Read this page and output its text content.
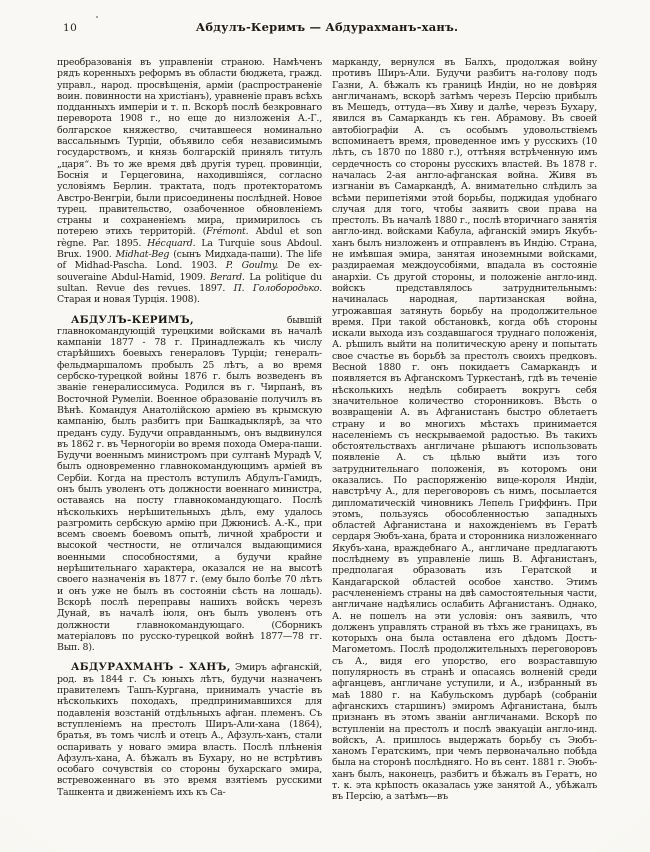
10	Абдулъ-Керимъ — Абдурахманъ-ханъ.

преобразованія въ управленіи страною. Намѣченъ рядъ коренныхъ реформъ въ области бюджета, гражд. управл., народ. просвѣщенія, арміи (распространеніе воин. повинности на христіанъ), уравненіе правъ всѣхъ подданныхъ имперіи и т. п. Вскорѣ послѣ безкровнаго переворота 1908 г., но еще до низложенія А.-Г., болгарское княжество, считавшееся номинально вассальнымъ Турціи, объявило себя независимымъ государствомъ, и князь болгарскій принялъ титулъ „царя“. Въ то же время двѣ другія турец. провинціи, Боснія и Герцеговина, находившіяся, согласно условіямъ Берлин. трактата, подъ протекторатомъ Австро-Венгріи, были присоединены послѣдней. Новое турец. правительство, озабоченное обновленіемъ страны и сохраненіемъ мира, примирилось съ потерею этихъ территорій. (Frémont. Abdul et son règne. Par. 1895. Hécquard. La Turquie sous Abdoul. Brux. 1900. Midhat-Beg (сынъ Мидхада-паши). The life of Midhad-Pascha. Lond. 1903. P. Goulmy. De ex-souveraine Abdul-Hamid, 1909. Berard. La politique du sultan. Revue des revues. 1897. П. Голобородько. Старая и новая Турція. 1908).

АБДУЛЪ-КЕРИМЪ, бывшій главнокомандующій турецкими войсками въ началѣ кампаніи 1877 - 78 г. Принадлежалъ къ числу старѣйшихъ боевыхъ генераловъ Турціи; генералъ-фельдмаршаломъ пробылъ 25 лѣтъ, а во время сербско-турецкой войны 1876 г. былъ возведенъ въ званіе генералиссимуса. Родился въ г. Чирпанѣ, въ Восточной Румеліи. Военное образованіе получилъ въ Вѣнѣ. Командуя Анатолійскою арміею въ крымскую кампанію, былъ разбитъ при Башкадыклярѣ, за что преданъ суду. Будучи оправданнымъ, онъ выдвинулся въ 1862 г. въ Черногоріи во время похода Омера-паши. Будучи военнымъ министромъ при султанѣ Мурадѣ V, былъ одновременно главнокомандующимъ арміей въ Сербіи. Когда на престолъ вступилъ Абдулъ-Гамидъ, онъ былъ уволенъ отъ должности военнаго министра, оставаясь на посту главнокомандующаго. Послѣ нѣсколькихъ нерѣшительныхъ дѣлъ, ему удалось разгромить сербскую армію при Джюнисѣ. А.-К., при всемъ своемъ боевомъ опытѣ, личной храбрости и высокой честности, не отличался выдающимися военными способностями, а будучи крайне нерѣшительнаго характера, оказался не на высотѣ своего назначенія въ 1877 г. (ему было болѣе 70 лѣтъ и онъ уже не былъ въ состояніи сѣсть на лошадь). Вскорѣ послѣ переправы нашихъ войскъ черезъ Дунай, въ началѣ іюля, онъ былъ уволенъ отъ должности главнокомандующаго. (Сборникъ матеріаловъ по русско-турецкой войнѣ 1877—78 гг. Вып. 8).

АБДУРАХМАНЪ - ХАНЪ, Эмиръ афганскій, род. въ 1844 г. Съ юныхъ лѣтъ, будучи назначенъ правителемъ Ташъ-Кургана, принималъ участіе въ нѣсколькихъ походахъ, предпринимавшихся для подавленія возстаній отдѣльныхъ афган. племенъ. Съ вступленіемъ на престолъ Ширъ-Али-хана (1864), братья, въ томъ числѣ и отецъ А., Афзулъ-ханъ, стали оспаривать у новаго эмира власть. Послѣ плѣненія Афзулъ-хана, А. бѣжалъ въ Бухару, но не встрѣтивъ особаго сочувствія со стороны бухарскаго эмира, встревоженнаго въ это время взятіемъ русскими Ташкента и движеніемъ ихъ къ Са-

марканду, вернулся въ Балхъ, продолжая войну противъ Ширъ-Али. Будучи разбитъ на-голову подъ Газни, А. бѣжалъ къ границѣ Индіи, но не довѣряя англичанамъ, вскорѣ затѣмъ черезъ Персію прибылъ въ Мешедъ, оттуда—въ Хиву и далѣе, черезъ Бухару, явился въ Самаркандъ къ ген. Абрамову. Въ своей автобіографіи А. съ особымъ удовольствіемъ вспоминаетъ время, проведенное имъ у русскихъ (10 лѣтъ, съ 1870 по 1880 г.), оттѣняя встрѣченную имъ сердечность со стороны русскихъ властей. Въ 1878 г. началась 2-ая англо-афганская война. Живя въ изгнаніи въ Самаркандѣ, А. внимательно слѣдилъ за всѣми перипетіями этой борьбы, поджидая удобнаго случая для того, чтобы заявить свои права на престолъ. Въ началѣ 1880 г., послѣ вторичнаго занятія англо-инд. войсками Кабула, афганскій эмиръ Якубъ-ханъ былъ низложенъ и отправленъ въ Индію. Страна, не имѣвшая эмира, занятая иноземными войсками, раздираемая междоусобіями, впадала въ состояніе анархіи. Съ другой стороны, и положеніе англо-инд. войскъ представлялось затруднительнымъ: начиналась народная, партизанская война, угрожавшая затянуть борьбу на продолжительное время. При такой обстановкѣ, когда обѣ стороны искали выхода изъ создавшагося труднаго положенія, А. рѣшилъ выйти на политическую арену и попытать свое счастье въ борьбѣ за престолъ своихъ предковъ. Весной 1880 г. онъ покидаетъ Самаркандъ и появляется въ Афганскомъ Туркестанѣ, гдѣ въ теченіе нѣсколькихъ недѣль собираетъ вокругъ себя значительное количество сторонниковъ. Вѣсть о возвращеніи А. въ Афганистанъ быстро облетаетъ страну и во многихъ мѣстахъ принимается населеніемъ съ нескрываемой радостью. Въ такихъ обстоятельствахъ англичане рѣшаютъ использовать появленіе А. съ цѣлью выйти изъ того затруднительнаго положенія, въ которомъ они оказались. По распоряженію вице-короля Индіи, навстрѣчу А., для переговоровъ съ нимъ, посылается дипломатическій чиновникъ Лепель Гриффинъ. При этомъ, пользуясь обособленностью западныхъ областей Афганистана и нахожденіемъ въ Гератѣ сердаря Эюбъ-хана, брата и сторонника низложеннаго Якубъ-хана, враждебнаго А., англичане предлагаютъ послѣднему въ управленіе лишь В. Афганистанъ, предполагая образовать изъ Гератской и Кандагарской областей особое ханство. Этимъ расчлененіемъ страны на двѣ самостоятельныя части, англичане надѣялись ослабить Афганистанъ. Однако, А. не пошелъ на эти условія: онъ заявилъ, что долженъ управлять страной въ тѣхъ же границахъ, въ которыхъ она была оставлена его дѣдомъ Достъ-Магометомъ. Послѣ продолжительныхъ переговоровъ съ А., видя его упорство, его возраставшую популярность въ странѣ и опасаясь волненій среди афганцевъ, англичане уступили, и А., избранный въ маѣ 1880 г. на Кабульскомъ дурбарѣ (собраніи афганскихъ старшинъ) эмиромъ Афганистана, былъ признанъ въ этомъ званіи англичанами. Вскорѣ по вступленіи на престолъ и послѣ эвакуаціи англо-инд. войскъ, А. пришлось выдержать борьбу съ Эюбъ-ханомъ Гератскимъ, при чемъ первоначально побѣда была на сторонѣ послѣдняго. Но въ сент. 1881 г. Эюбъ-ханъ былъ, наконецъ, разбитъ и бѣжалъ въ Гератъ, но т. к. эта крѣпость оказалась уже занятой А., убѣжалъ въ Персію, а затѣмъ—въ
